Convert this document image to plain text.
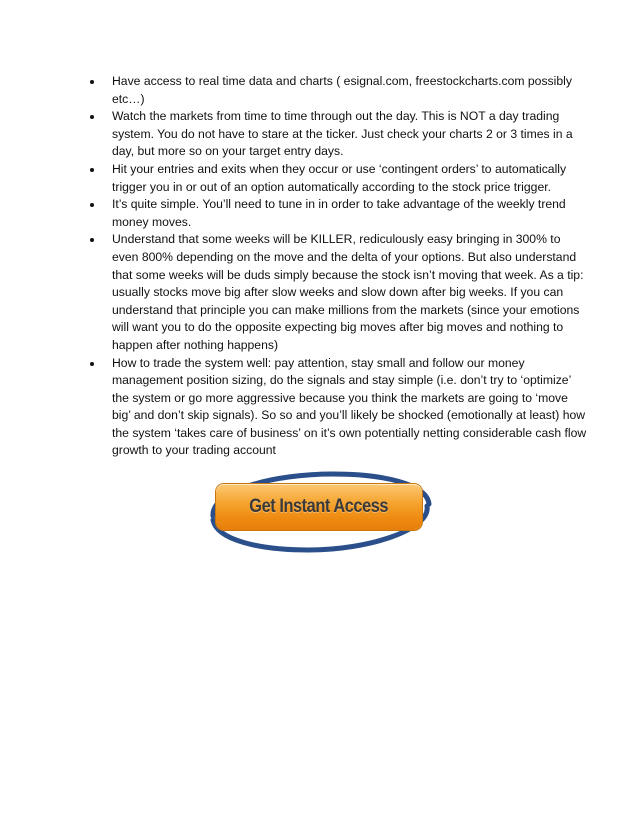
Have access to real time data and charts ( esignal.com, freestockcharts.com possibly etc…)
Watch the markets from time to time through out the day. This is NOT a day trading system. You do not have to stare at the ticker. Just check your charts 2 or 3 times in a day, but more so on your target entry days.
Hit your entries and exits when they occur or use ‘contingent orders’ to automatically trigger you in or out of an option automatically according to the stock price trigger.
It’s quite simple. You’ll need to tune in in order to take advantage of the weekly trend money moves.
Understand that some weeks will be KILLER, rediculously easy bringing in 300% to even 800% depending on the move and the delta of your options. But also understand that some weeks will be duds simply because the stock isn’t moving that week. As a tip: usually stocks move big after slow weeks and slow down after big weeks. If you can understand that principle you can make millions from the markets (since your emotions will want you to do the opposite expecting big moves after big moves and nothing to happen after nothing happens)
How to trade the system well: pay attention, stay small and follow our money management position sizing, do the signals and stay simple (i.e. don’t try to ‘optimize’ the system or go more aggressive because you think the markets are going to ‘move big’ and don’t skip signals). So so and you’ll likely be shocked (emotionally at least) how the system ‘takes care of business’ on it’s own potentially netting considerable cash flow growth to your trading account
Get Instant Access
